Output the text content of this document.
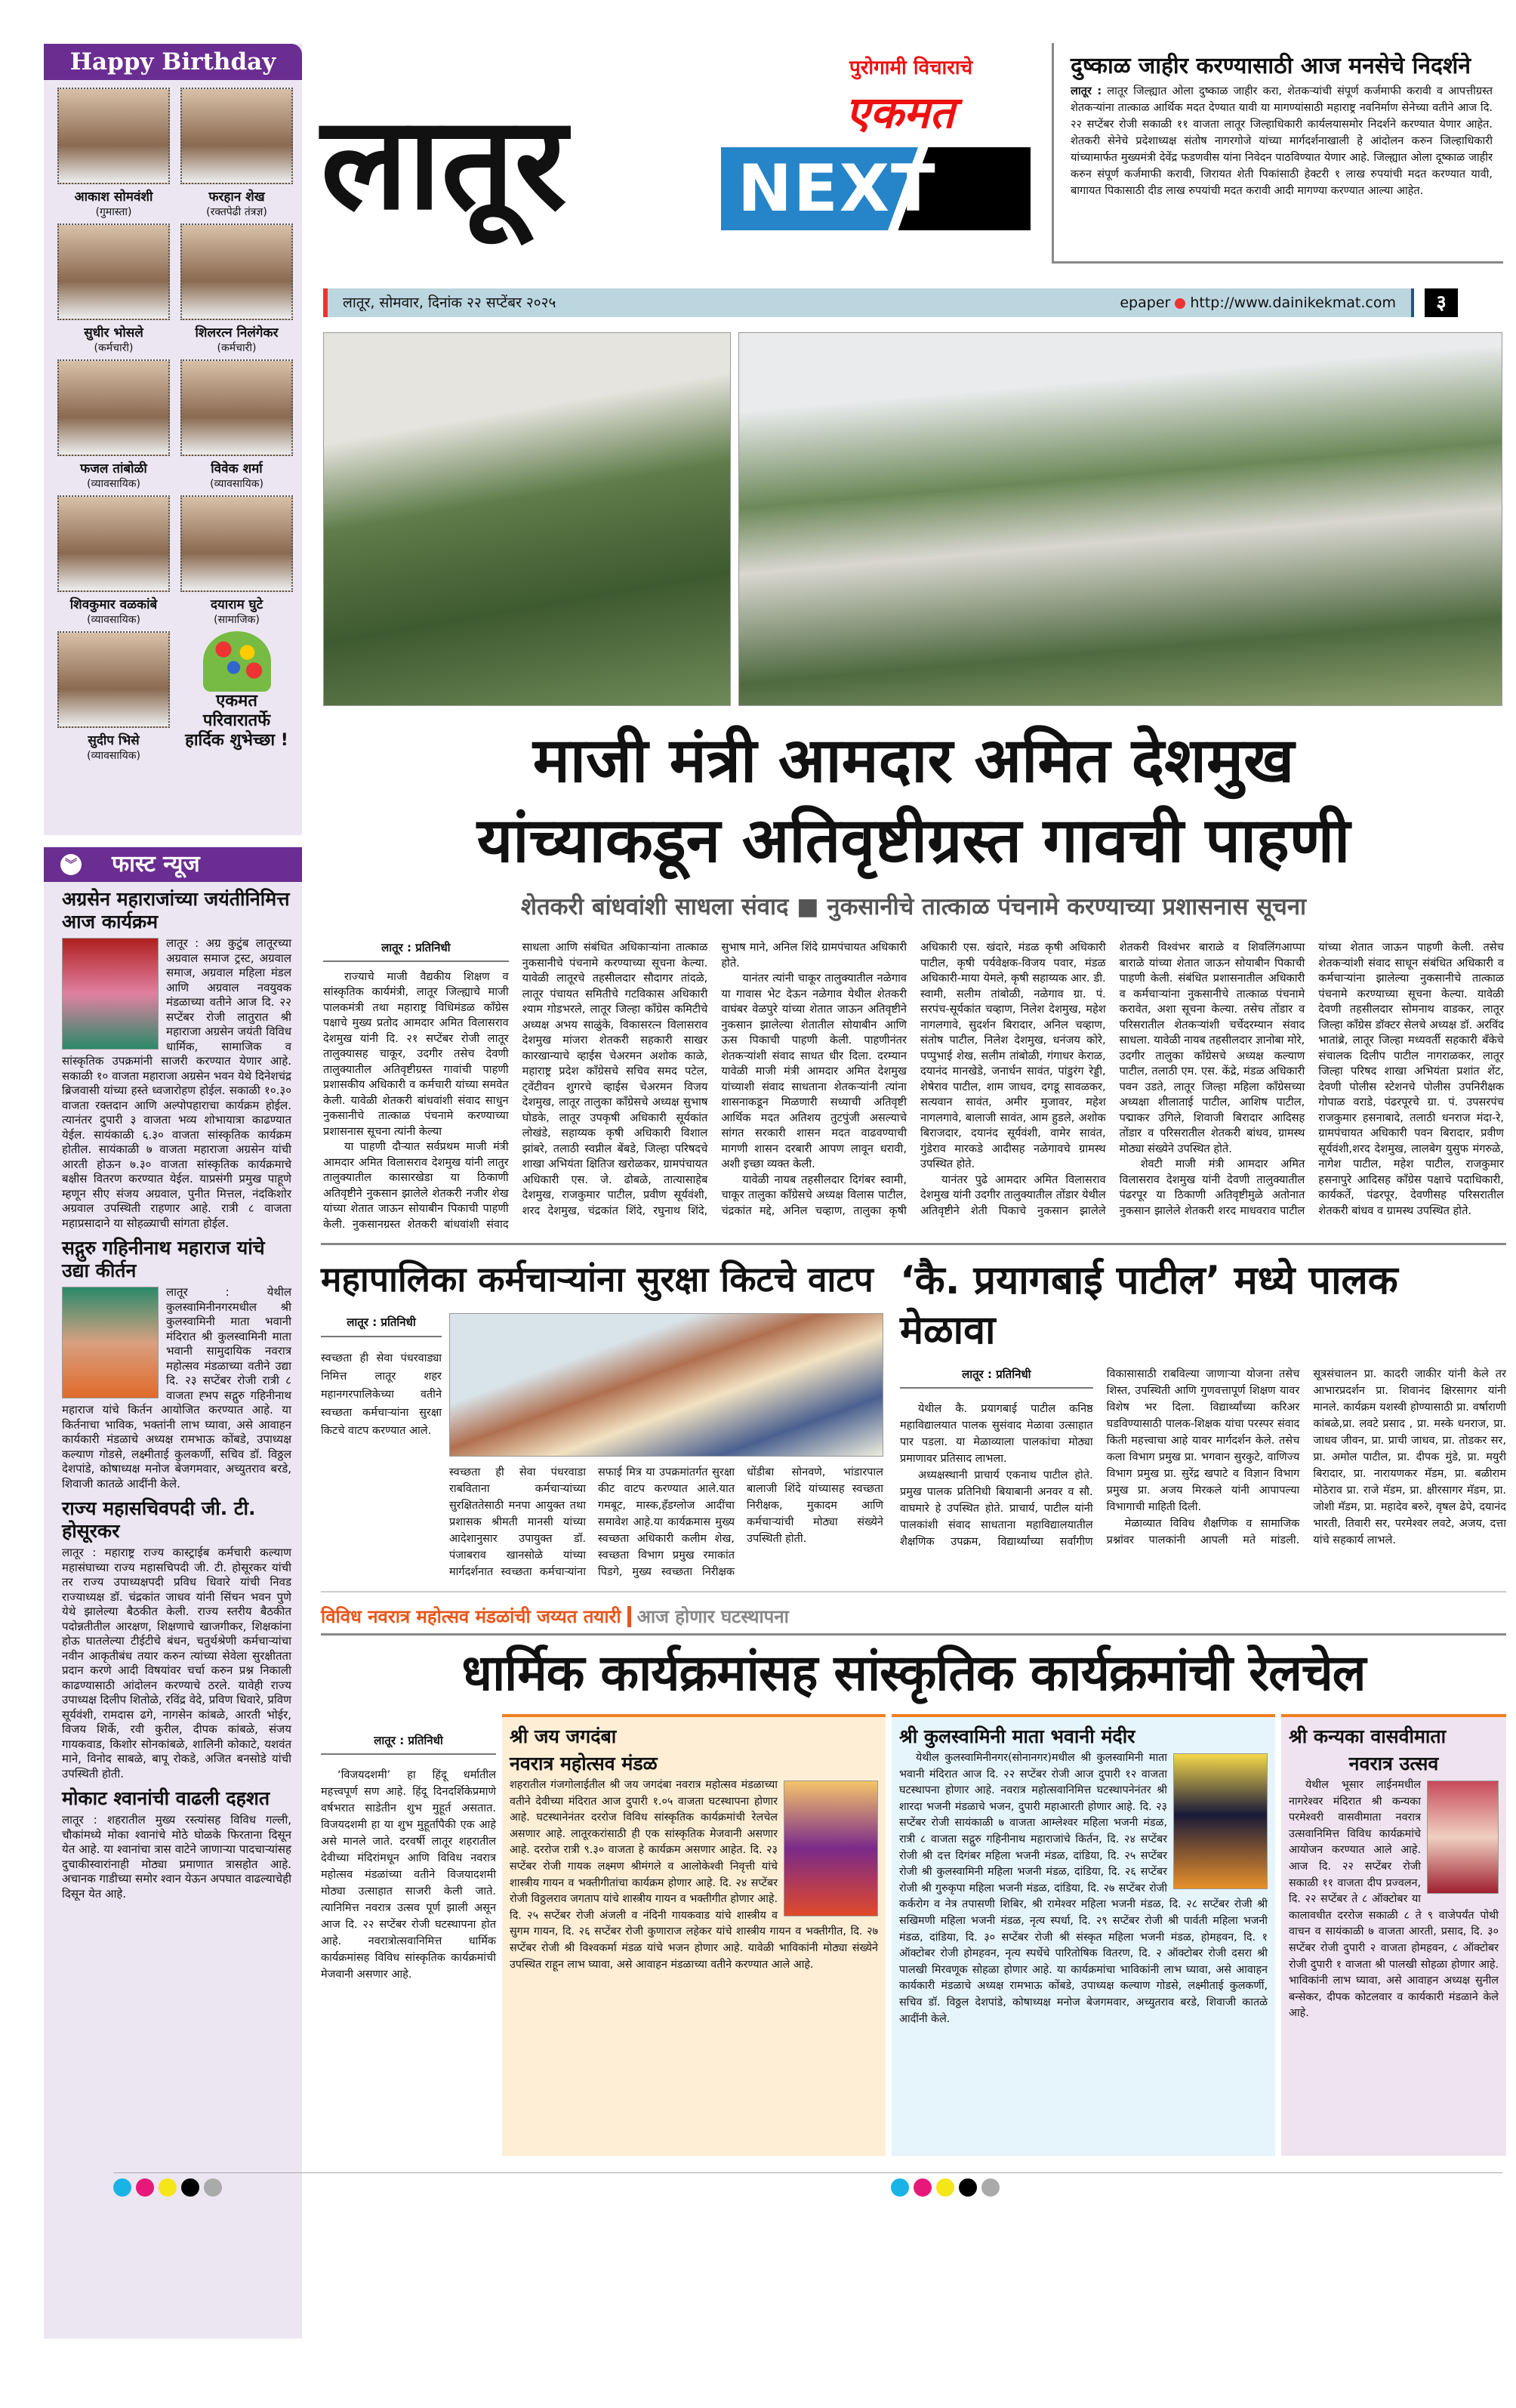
Happy Birthday
आकाश सोमवंशी
(गुमास्ता)
फरहान शेख
(रक्तपेढी तंत्रज्ञ)
सुधीर भोसले
(कर्मचारी)
शिलरत्न निलंगेकर
(कर्मचारी)
फजल तांबोळी
(व्यावसायिक)
विवेक शर्मा
(व्यावसायिक)
शिवकुमार वळकांबे
(व्यावसायिक)
दयाराम घुटे
(सामाजिक)
सुदीप भिसे
(व्यावसायिक)
एकमत
परिवारातर्फे
हार्दिक शुभेच्छा !
︾ फास्ट न्यूज
अग्रसेन महाराजांच्या जयंतीनिमित्त आज कार्यक्रम

लातूर : अग्र कुटुंब लातूरच्या अग्रवाल समाज ट्रस्ट, अग्रवाल समाज, अग्रवाल महिला मंडल आणि अग्रवाल नवयुवक मंडळाच्या वतीने आज दि. २२ सप्टेंबर रोजी लातुरात श्री महाराजा अग्रसेन जयंती विविध धार्मिक, सामाजिक व सांस्कृतिक उपक्रमांनी साजरी करण्यात येणार आहे. सकाळी १० वाजता महाराजा अग्रसेन भवन येथे दिनेशचंद्र ब्रिजवासी यांच्या हस्ते ध्वजारोहण होईल. सकाळी १०.३० वाजता रक्तदान आणि अल्पोपहाराचा कार्यक्रम होईल. त्यानंतर दुपारी ३ वाजता भव्य शोभायात्रा काढण्यात येईल. सायंकाळी ६.३० वाजता सांस्कृतिक कार्यक्रम होतील. सायंकाळी ७ वाजता महाराजा अग्रसेन यांची आरती होऊन ७.३० वाजता सांस्कृतिक कार्यक्रमाचे बक्षीस वितरण करण्यात येईल. याप्रसंगी प्रमुख पाहूणे म्हणून सीए संजय अग्रवाल, पुनीत मित्तल, नंदकिशोर अग्रवाल उपस्थिती राहणार आहे. रात्री ८ वाजता महाप्रसादाने या सोहळ्याची सांगता होईल.

सद्गुरु गहिनीनाथ महाराज यांचे उद्या कीर्तन

लातूर : येथील कुलस्वामिनीनगरमधील श्री कुलस्वामिनी माता भवानी मंदिरात श्री कुलस्वामिनी माता भवानी सामुदायिक नवरात्र महोत्सव मंडळाच्या वतीने उद्या दि. २३ सप्टेंबर रोजी रात्री ८ वाजता ह्भप सद्गुरु गहिनीनाथ महाराज यांचे किर्तन आयोजित करण्यात आहे. या किर्तनाचा भाविक, भक्तांनी लाभ घ्यावा, असे आवाहन कार्यकारी मंडळाचे अध्यक्ष रामभाऊ कोंबडे, उपाध्यक्ष कल्याण गोडसे, लक्ष्मीताई कुलकर्णी, सचिव डॉ. विठ्ठल देशपांडे, कोषाध्यक्ष मनोज बेजगमवार, अच्युतराव बरडे, शिवाजी कातळे आदींनी केले.

राज्य महासचिवपदी जी. टी. होसूरकर

लातूर : महाराष्ट्र राज्य कास्ट्राईब कर्मचारी कल्याण महासंघाच्या राज्य महासचिपदी जी. टी. होसूरकर यांची तर राज्य उपाध्यक्षपदी प्रविध धिवारे यांची निवड राज्याध्यक्ष डॉ. चंद्रकांत जाधव यांनी सिंचन भवन पुणे येथे झालेल्या बैठकीत केली. राज्य स्तरीय बैठकीत पदोन्नतीतील आरक्षण, शिक्षणाचे खाजगीकर, शिक्षकांना होऊ घातलेल्या टीईटीचे बंधन, चतुर्थश्रेणी कर्मचाऱ्यांचा नवीन आकृतीबंध तयार करुन त्यांच्या सेवेला सुरक्षीतता प्रदान करणे आदी विषयांवर चर्चा करुन प्रश्न निकाली काढण्यासाठी आंदोलन करण्याचे ठरले. यावेही राज्य उपाध्यक्ष दिलीप शितोळे, रविंद्र वेदे, प्रविण धिवारे, प्रविण सूर्यवंशी, रामदास ढगे, नागसेन कांबळे, आरती भोईर, विजय शिर्के, रवी कुरील, दीपक कांबळे, संजय गायकवाड, किशोर सोनकांबळे, शालिनी कोकाटे, यशवंत माने, विनोद साबळे, बापू रोकडे, अजित बनसोडे यांची उपस्थिती होती.

मोकाट श्वानांची वाढली दहशत

लातूर : शहरातील मुख्य रस्त्यांसह विविध गल्ली, चौकांमध्ये मोका श्वानांचे मोठे घोळके फिरताना दिसून येत आहे. या श्वानांचा त्रास वाटेने जाणाऱ्या पादचाऱ्यांसह दुचाकीस्वारांनाही मोठ्या प्रमाणात त्रासहोत आहे. अचानक गाडीच्या समोर श्वान येऊन अपघात वाढल्याचेही दिसून येत आहे.

लातूर
पुरोगामी विचाराचे
एकमत
NEXT
दुष्काळ जाहीर करण्यासाठी आज मनसेचे निदर्शने

लातूर : लातूर जिल्ह्यात ओला दुष्काळ जाहीर करा, शेतकऱ्यांची संपूर्ण कर्जमाफी करावी व आपत्तीग्रस्त शेतकऱ्यांना तात्काळ आर्थिक मदत देण्यात यावी या मागण्यांसाठी महाराष्ट्र नवनिर्माण सेनेच्या वतीने आज दि. २२ सप्टेंबर रोजी सकाळी ११ वाजता लातूर जिल्हाधिकारी कार्यलयासमोर निदर्शने करण्यात येणार आहेत. शेतकरी सेनेचे प्रदेशाध्यक्ष संतोष नागरगोजे यांच्या मार्गदर्शनाखाली हे आंदोलन करुन जिल्हाधिकारी यांच्यामार्फत मुख्यमंत्री देवेंद्र फडणवीस यांना निवेदन पाठविण्यात येणार आहे. जिल्ह्यात ओला दूष्काळ जाहीर करुन संपूर्ण कर्जमाफी करावी, जिरायत शेती पिकांसाठी हेक्टरी १ लाख रुपयांची मदत करण्यात यावी, बागायत पिकासाठी दीड लाख रुपयांची मदत करावी आदी मागण्या करण्यात आल्या आहेत.

लातूर, सोमवार, दिनांक २२ सप्टेंबर २०२५	epaper http://www.dainikekmat.com	३
माजी मंत्री आमदार अमित देशमुख
यांच्याकडून अतिवृष्टीग्रस्त गावची पाहणी
शेतकरी बांधवांशी साधला संवाद ■ नुकसानीचे तात्काळ पंचनामे करण्याच्या प्रशासनास सूचना
लातूर : प्रतिनिधी

राज्याचे माजी वैद्यकीय शिक्षण व सांस्कृतिक कार्यमंत्री, लातूर जिल्ह्याचे माजी पालकमंत्री तथा महाराष्ट्र विधिमंडळ काँग्रेस पक्षाचे मुख्य प्रतोद आमदार अमित विलासराव देशमुख यांनी दि. २१ सप्टेंबर रोजी लातूर तालुक्यासह चाकूर, उदगीर तसेच देवणी तालुक्यातील अतिवृष्टीग्रस्त गावांची पाहणी प्रशासकीय अधिकारी व कर्मचारी यांच्या समवेत केली. यावेळी शेतकरी बांधवांशी संवाद साधुन नुकसानीचे तात्काळ पंचनामे करण्याच्या प्रशासनास सूचना त्यांनी केल्या

या पाहणी दौऱ्यात सर्वप्रथम माजी मंत्री आमदार अमित विलासराव देशमुख यांनी लातुर तालुक्यातील कासारखेडा या ठिकाणी अतिवृष्टीने नुकसान झालेले शेतकरी नजीर शेख यांच्या शेतात जाऊन सोयाबीन पिकाची पाहणी केली. नुकसानग्रस्त शेतकरी बांधवांशी संवाद साधला आणि संबंधित अधिकाऱ्यांना तात्काळ नुकसानीचे पंचनामे करण्याच्या सूचना केल्या. यावेळी लातूरचे तहसीलदार सौदागर तांदळे, लातूर पंचायत समितीचे गटविकास अधिकारी श्याम गोडभरले, लातूर जिल्हा काँग्रेस कमिटीचे अध्यक्ष अभय साळुंके, विकासरत्न विलासराव देशमुख मांजरा शेतकरी सहकारी साखर कारखान्याचे व्हाईस चेअरमन अशोक काळे, महाराष्ट्र प्रदेश काँग्रेसचे सचिव समद पटेल, ट्वेंटीवन शुगरचे व्हाईस चेअरमन विजय देशमुख, लातूर तालुका काँग्रेसचे अध्यक्ष सुभाष घोडके, लातूर उपकृषी अधिकारी सूर्यकांत लोखंडे, सहाय्यक कृषी अधिकारी विशाल झांबरे, तलाठी स्वप्नील बेंबडे, जिल्हा परिषदचे शाखा अभियंता क्षितिज खरोळकर, ग्रामपंचायत अधिकारी एस. जे. ढोबळे, तात्यासाहेब देशमुख, राजकुमार पाटील, प्रवीण सूर्यवंशी, शरद देशमुख, चंद्रकांत शिंदे, रघुनाथ शिंदे, सुभाष माने, अनिल शिंदे ग्रामपंचायत अधिकारी होते.

यानंतर त्यांनी चाकूर तालुक्यातील नळेगाव या गावास भेट देऊन नळेगाव येथील शेतकरी वाघंबर वेळपुरे यांच्या शेतात जाऊन अतिवृष्टीने नुकसान झालेल्या शेतातील सोयाबीन आणि ऊस पिकाची पाहणी केली. पाहणीनंतर शेतकऱ्यांशी संवाद साधत धीर दिला. दरम्यान यावेळी माजी मंत्री आमदार अमित देशमुख यांच्याशी संवाद साधताना शेतकऱ्यांनी त्यांना शासनाकडून मिळणारी सध्याची अतिवृष्टी आर्थिक मदत अतिशय तुटपुंजी असल्याचे सांगत सरकारी शासन मदत वाढवण्याची मागणी शासन दरबारी आपण लावून धरावी, अशी इच्छा व्यक्त केली.

यावेळी नायब तहसीलदार दिगंबर स्वामी, चाकूर तालुका काँग्रेसचे अध्यक्ष विलास पाटील, चंद्रकांत मद्दे, अनिल चव्हाण, तालुका कृषी अधिकारी एस. खंदारे, मंडळ कृषी अधिकारी पाटील, कृषी पर्यवेक्षक-विजय पवार, मंडळ अधिकारी-माया येमले, कृषी सहाय्यक आर. डी. स्वामी, सलीम तांबोळी, नळेगाव ग्रा. पं. सरपंच-सूर्यकांत चव्हाण, निलेश देशमुख, महेश नागलगावे, सुदर्शन बिरादार, अनिल चव्हाण, संतोष पाटील, निलेश देशमुख, धनंजय कोरे, पप्पुभाई शेख, सलीम तांबोळी, गंगाधर केराळ, दयानंद मानखेडे, जनार्धन सावंत, पांडुरंग रेड्डी, शेषेराव पाटील, शाम जाधव, दगडू सावळकर, सत्यवान सावंत, अमीर मुजावर, महेश नागलगावे, बालाजी सावंत, आम हुडले, अशोक बिराजदार, दयानंद सूर्यवंशी, वामेर सावंत, गुंडेराव मारकडे आदीसह नळेगावचे ग्रामस्थ उपस्थित होते.

यानंतर पुढे आमदार अमित विलासराव देशमुख यांनी उदगीर तालुक्यातील तोंडार येथील अतिवृष्टीने शेती पिकाचे नुकसान झालेले शेतकरी विश्वंभर बाराळे व शिवलिंगआप्पा बाराळे यांच्या शेतात जाऊन सोयाबीन पिकाची पाहणी केली. संबंधित प्रशासनातील अधिकारी व कर्मचाऱ्यांना नुकसानीचे तात्काळ पंचनामे करावेत, अशा सूचना केल्या. तसेच तोंडार व परिसरातील शेतकऱ्यांशी चर्चेदरम्यान संवाद साधला. यावेळी नायब तहसीलदार ज्ञानोबा मोरे, उदगीर तालुका काँग्रेसचे अध्यक्ष कल्याण पाटील, तलाठी एम. एस. केंद्रे, मंडळ अधिकारी पवन उडते, लातूर जिल्हा महिला काँग्रेसच्या अध्यक्षा शीलाताई पाटील, आशिष पाटील, पद्माकर उगिले, शिवाजी बिरादार आदिसह तोंडार व परिसरातील शेतकरी बांधव, ग्रामस्थ मोठ्या संख्येने उपस्थित होते.

शेवटी माजी मंत्री आमदार अमित विलासराव देशमुख यांनी देवणी तालुक्यातील पंढरपूर या ठिकाणी अतिवृष्टीमुळे अतोनात नुकसान झालेले शेतकरी शरद माधवराव पाटील यांच्या शेतात जाऊन पाहणी केली. तसेच शेतकऱ्यांशी संवाद साधून संबंधित अधिकारी व कर्मचाऱ्यांना झालेल्या नुकसानीचे तात्काळ पंचनामे करण्याच्या सूचना केल्या. यावेळी देवणी तहसीलदार सोमनाथ वाडकर, लातूर जिल्हा काँग्रेस डॉक्टर सेलचे अध्यक्ष डॉ. अरविंद भातांब्रे, लातूर जिल्हा मध्यवर्ती सहकारी बँकेचे संचालक दिलीप पाटील नागराळकर, लातूर जिल्हा परिषद शाखा अभियंता प्रशांत शेंट, देवणी पोलीस स्टेशनचे पोलीस उपनिरीक्षक गोपाळ वराडे, पंढरपूरचे ग्रा. पं. उपसरपंच राजकुमार हसनाबादे, तलाठी धनराज मंदा-रे, ग्रामपंचायत अधिकारी पवन बिरादार, प्रवीण सूर्यवंशी,शरद देशमुख, लालबेग युसुफ मंगरुळे, नागेश पाटील, महेश पाटील, राजकुमार हसनापुरे आदिसह काँग्रेस पक्षाचे पदाधिकारी, कार्यकर्ते, पंढरपूर, देवणीसह परिसरातील शेतकरी बांधव व ग्रामस्थ उपस्थित होते.

महापालिका कर्मचाऱ्यांना सुरक्षा किटचे वाटप
लातूर : प्रतिनिधी

स्वच्छता ही सेवा पंधरवाड्या निमित्त लातूर शहर महानगरपालिकेच्या वतीने स्वच्छता कर्मचाऱ्यांना सुरक्षा किटचे वाटप करण्यात आले.

स्वच्छता ही सेवा पंधरवाडा राबविताना कर्मचाऱ्यांच्या सुरक्षिततेसाठी मनपा आयुक्त तथा प्रशासक श्रीमती मानसी यांच्या आदेशानुसार उपायुक्त डॉ. पंजाबराव खानसोळे यांच्या मार्गदर्शनात स्वच्छता कर्मचाऱ्यांना सफाई मित्र या उपक्रमांतर्गत सुरक्षा कीट वाटप करण्यात आले.यात गमबूट, मास्क,हँडग्लोज आदींचा समावेश आहे.या कार्यक्रमास मुख्य स्वच्छता अधिकारी कलीम शेख, स्वच्छता विभाग प्रमुख रमाकांत पिडगे, मुख्य स्वच्छता निरीक्षक धोंडीबा सोनवणे, भांडारपाल बालाजी शिंदे यांच्यासह स्वच्छता निरीक्षक, मुकादम आणि कर्मचाऱ्यांची मोठ्या संख्येने उपस्थिती होती.
‘कै. प्रयागबाई पाटील’ मध्ये पालक मेळावा
लातूर : प्रतिनिधी

येथील कै. प्रयागबाई पाटील कनिष्ठ महाविद्यालयात पालक सुसंवाद मेळावा उत्साहात पार पडला. या मेळाव्याला पालकांचा मोठ्या प्रमाणावर प्रतिसाद लाभला.

अध्यक्षस्थानी प्राचार्य एकनाथ पाटील होते. प्रमुख पालक प्रतिनिधी बियाबानी अनवर व सौ. वाघमारे हे उपस्थित होते. प्राचार्य, पाटील यांनी पालकांशी संवाद साधताना महाविद्यालयातील शैक्षणिक उपक्रम, विद्यार्थ्यांच्या सर्वांगीण विकासासाठी राबविल्या जाणाऱ्या योजना तसेच शिस्त, उपस्थिती आणि गुणवत्तापूर्ण शिक्षण यावर विशेष भर दिला. विद्यार्थ्यांच्या करिअर घडविण्यासाठी पालक-शिक्षक यांचा परस्पर संवाद किती महत्त्वाचा आहे यावर मार्गदर्शन केले. तसेच कला विभाग प्रमुख प्रा. भगवान सुरकुटे, वाणिज्य विभाग प्रमुख प्रा. सुरेंद्र खपाटे व विज्ञान विभाग प्रमुख प्रा. अजय मिरकले यांनी आपापल्या विभागाची माहिती दिली.

मेळाव्यात विविध शैक्षणिक व सामाजिक प्रश्नांवर पालकांनी आपली मते मांडली. सूत्रसंचालन प्रा. कादरी जाकीर यांनी केले तर आभारप्रदर्शन प्रा. शिवानंद क्षिरसागर यांनी मानले. कार्यक्रम यशस्वी होण्यासाठी प्रा. वर्षाराणी कांबळे,प्रा. लवटे प्रसाद , प्रा. मस्के धनराज, प्रा. जाधव जीवन, प्रा. प्राची जाधव, प्रा. तोडकर सर, प्रा. अमोल पाटील, प्रा. दीपक मुंडे, प्रा. मयुरी बिरादार, प्रा. नारायणकर मॅडम, प्रा. बळीराम मोठेराव प्रा. राजे मॅडम, प्रा. क्षीरसागर मॅडम, प्रा. जोशी मॅडम, प्रा. महादेव बरुरे, वृषल ढेपे, दयानंद भारती, तिवारी सर, परमेश्वर लवटे, अजय, दत्ता यांचे सहकार्य लाभले.

विविध नवरात्र महोत्सव मंडळांची जय्यत तयारी आज होणार घटस्थापना
धार्मिक कार्यक्रमांसह सांस्कृतिक कार्यक्रमांची रेलचेल
लातूर : प्रतिनिधी

‘विजयदशमी’ हा हिंदू धर्मातील महत्त्वपूर्ण सण आहे. हिंदू दिनदर्शिकेप्रमाणे वर्षभरात साडेतीन शुभ मुहूर्त असतात. विजयदशमी हा या शुभ मुहूर्तांपैकी एक आहे असे मानले जाते. दरवर्षी लातूर शहरातील देवीच्या मंदिरांमधून आणि विविध नवरात्र महोत्सव मंडळांच्या वतीने विजयादशमी मोठ्या उत्साहात साजरी केली जाते. त्यानिमित्त नवरात्र उत्सव पूर्ण झाली असून आज दि. २२ सप्टेंबर रोजी घटस्थापना होत आहे. नवरात्रोत्सवानिमित्त धार्मिक कार्यक्रमांसह विविध सांस्कृतिक कार्यक्रमांची मेजवानी असणार आहे.

श्री जय जगदंबा
नवरात्र महोत्सव मंडळ

शहरातील गंजगोलाईतील श्री जय जगदंबा नवरात्र महोत्सव मंडळाच्या वतीने देवीच्या मंदिरात आज दुपारी १.०५ वाजता घटस्थापना होणार आहे. घटस्थानेनंतर दररोज विविध सांस्कृतिक कार्यक्रमांची रेलचेल असणार आहे. लातूरकरांसाठी ही एक सांस्कृतिक मेजवानी असणार आहे. दररोज रात्री ९.३० वाजता हे कार्यक्रम असणार आहेत. दि. २३ सप्टेंबर रोजी गायक लक्ष्मण श्रीमंगले व आलोकेश्वी निवृत्ती यांचे शास्त्रीय गायन व भक्तीगीतांचा कार्यक्रम होणार आहे. दि. २४ सप्टेंबर रोजी विठ्ठलराव जगताप यांचे शास्त्रीय गायन व भक्तीगीत होणार आहे. दि. २५ सप्टेंबर रोजी अंजली व नंदिनी गायकवाड यांचे शास्त्रीय व सुगम गायन, दि. २६ सप्टेंबर रोजी कुणाराज लहेकर यांचे शास्त्रीय गायन व भक्तीगीत, दि. २७ सप्टेंबर रोजी श्री विश्वकर्मा मंडळ यांचे भजन होणार आहे. यावेळी भाविकांनी मोठ्या संख्येने उपस्थित राहून लाभ घ्यावा, असे आवाहन मंडळाच्या वतीने करण्यात आले आहे.

श्री कुलस्वामिनी माता भवानी मंदीर

येथील कुलस्वामिनीनगर(सोनानगर)मधील श्री कुलस्वामिनी माता भवानी मंदिरात आज दि. २२ सप्टेंबर रोजी आज दुपारी १२ वाजता घटस्थापना होणार आहे. नवरात्र महोत्सवानिमित्त घटस्थापनेनंतर श्री शारदा भजनी मंडळाचे भजन, दुपारी महाआरती होणार आहे. दि. २३ सप्टेंबर रोजी सायंकाळी ७ वाजता आम्लेश्वर महिला भजनी मंडळ, रात्री ८ वाजता सद्गुरु गहिनीनाथ महाराजांचे किर्तन, दि. २४ सप्टेंबर रोजी श्री दत्त दिगंबर महिला भजनी मंडळ, दांडिया, दि. २५ सप्टेंबर रोजी श्री कुलस्वामिनी महिला भजनी मंडळ, दांडिया, दि. २६ सप्टेंबर रोजी श्री गुरुकृपा महिला भजनी मंडळ, दांडिया, दि. २७ सप्टेंबर रोजी कर्करोग व नेत्र तपासणी शिबिर, श्री रामेश्वर महिला भजनी मंडळ, दि. २८ सप्टेंबर रोजी श्री सखिमणी महिला भजनी मंडळ, नृत्य स्पर्धा, दि. २९ सप्टेंबर रोजी श्री पार्वती महिला भजनी मंडळ, दांडिया, दि. ३० सप्टेंबर रोजी श्री संस्कृत महिला भजनी मंडळ, होमहवन, दि. १ ऑक्टोबर रोजी होमहवन, नृत्य स्पर्धेचे पारितोषिक वितरण, दि. २ ऑक्टोबर रोजी दसरा श्री पालखी मिरवणूक सोहळा होणार आहे. या कार्यक्रमांचा भाविकांनी लाभ घ्यावा, असे आवाहन कार्यकारी मंडळाचे अध्यक्ष रामभाऊ कोंबडे, उपाध्यक्ष कल्याण गोडसे, लक्ष्मीताई कुलकर्णी, सचिव डॉ. विठ्ठल देशपांडे, कोषाध्यक्ष मनोज बेजगमवार, अच्युतराव बरडे, शिवाजी कातळे आदींनी केले.

श्री कन्यका वासवीमाता
नवरात्र उत्सव

येथील भूसार लाईनमधील नागरेश्वर मंदिरात श्री कन्यका परमेश्वरी वासवीमाता नवरात्र उत्सवानिमित्त विविध कार्यक्रमांचे आयोजन करण्यात आले आहे. आज दि. २२ सप्टेंबर रोजी सकाळी ११ वाजता दीप प्रज्वलन, दि. २२ सप्टेंबर ते ८ ऑक्टोबर या कालावधीत दररोज सकाळी ८ ते ९ वाजेपर्यंत पोथी वाचन व सायंकाळी ७ वाजता आरती, प्रसाद, दि. ३० सप्टेंबर रोजी दुपारी २ वाजता होमहवन, ८ ऑक्टोबर रोजी दुपारी १ वाजता श्री पालखी सोहळा होणार आहे. भाविकांनी लाभ घ्यावा, असे आवाहन अध्यक्ष सुनील बन्सेकर, दीपक कोटलवार व कार्यकारी मंडळाने केले आहे.
